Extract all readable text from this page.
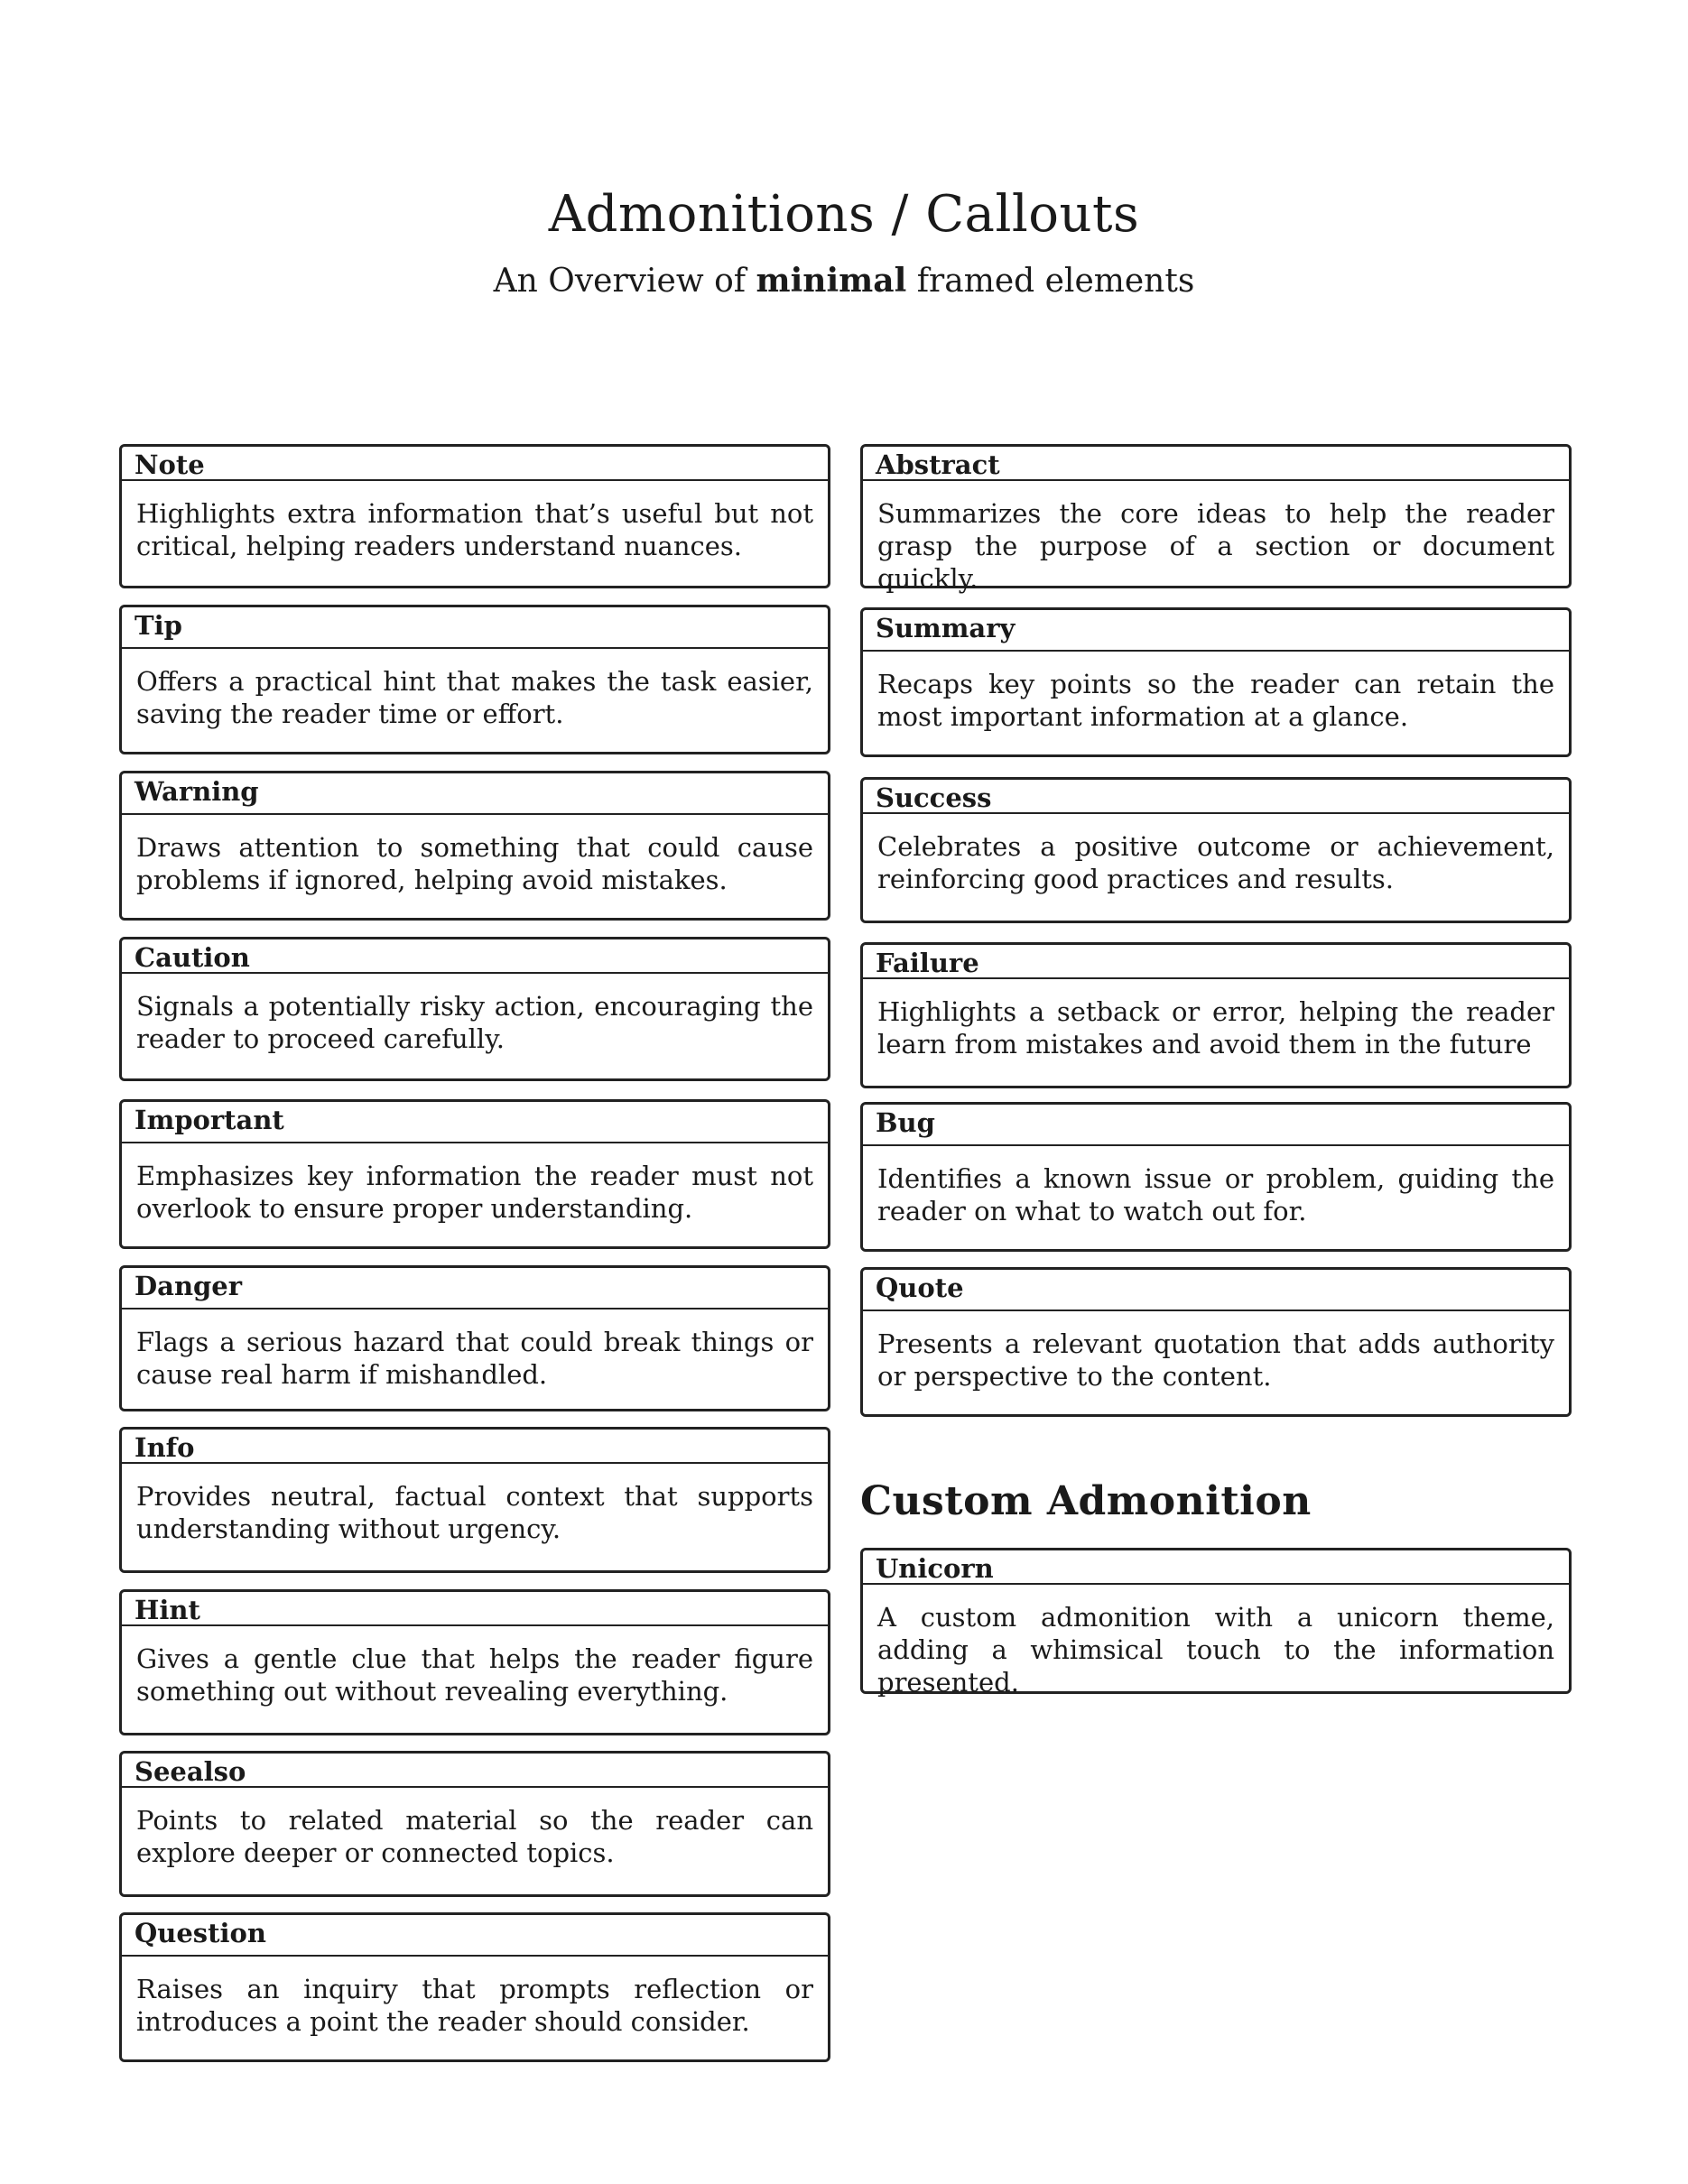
Admonitions / Callouts
An Overview of minimal framed elements
Note
Highlights extra information that’s useful but not critical, helping readers understand nuances.
Tip
Offers a practical hint that makes the task easier, saving the reader time or effort.
Warning
Draws attention to something that could cause problems if ignored, helping avoid mistakes.
Caution
Signals a potentially risky action, encouraging the reader to proceed carefully.
Important
Emphasizes key information the reader must not overlook to ensure proper understanding.
Danger
Flags a serious hazard that could break things or cause real harm if mishandled.
Info
Provides neutral, factual context that supports understanding without urgency.
Hint
Gives a gentle clue that helps the reader figure something out without revealing everything.
Seealso
Points to related material so the reader can explore deeper or connected topics.
Question
Raises an inquiry that prompts reflection or introduces a point the reader should consider.
Abstract
Summarizes the core ideas to help the reader grasp the purpose of a section or document quickly.
Summary
Recaps key points so the reader can retain the most important information at a glance.
Success
Celebrates a positive outcome or achievement, reinforcing good practices and results.
Failure
Highlights a setback or error, helping the reader learn from mistakes and avoid them in the future
Bug
Identifies a known issue or problem, guiding the reader on what to watch out for.
Quote
Presents a relevant quotation that adds authority or perspective to the content.
Custom Admonition
Unicorn
A custom admonition with a unicorn theme, adding a whimsical touch to the information presented.
